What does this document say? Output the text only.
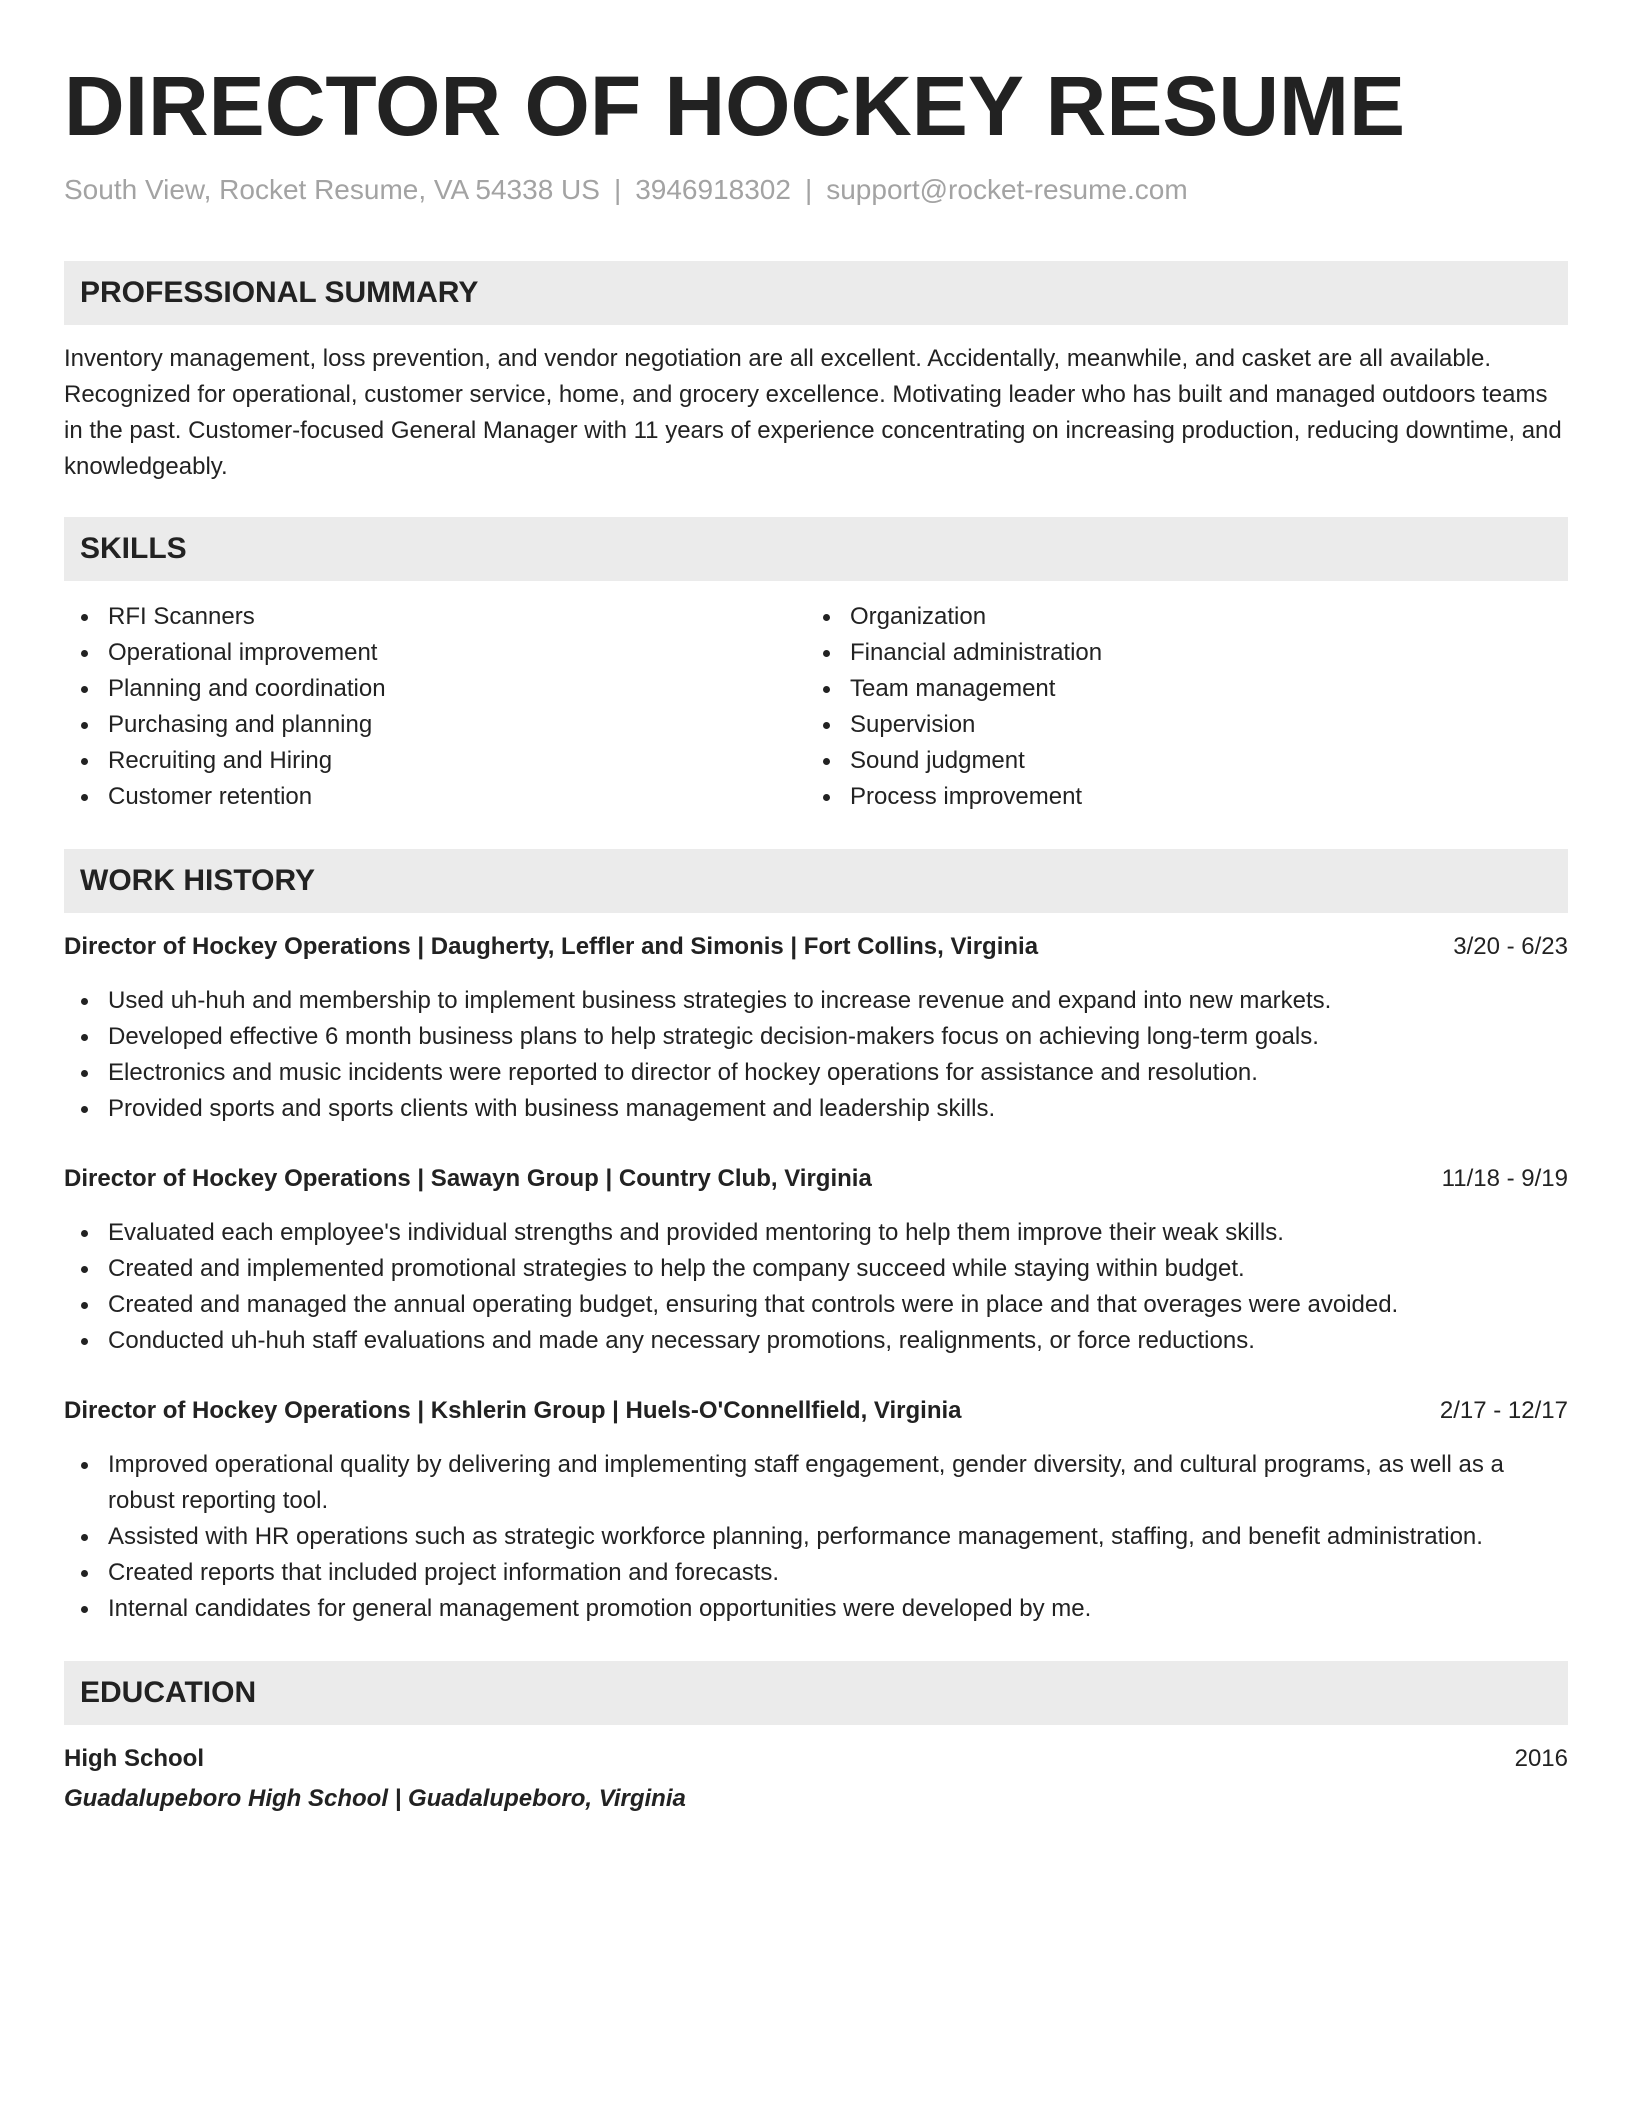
DIRECTOR OF HOCKEY RESUME
South View, Rocket Resume, VA 54338 US | 3946918302 | support@rocket-resume.com
PROFESSIONAL SUMMARY
Inventory management, loss prevention, and vendor negotiation are all excellent. Accidentally, meanwhile, and casket are all available. Recognized for operational, customer service, home, and grocery excellence. Motivating leader who has built and managed outdoors teams in the past. Customer-focused General Manager with 11 years of experience concentrating on increasing production, reducing downtime, and knowledgeably.
SKILLS
RFI Scanners
Operational improvement
Planning and coordination
Purchasing and planning
Recruiting and Hiring
Customer retention
Organization
Financial administration
Team management
Supervision
Sound judgment
Process improvement
WORK HISTORY
Director of Hockey Operations | Daugherty, Leffler and Simonis | Fort Collins, Virginia	3/20 - 6/23
Used uh-huh and membership to implement business strategies to increase revenue and expand into new markets.
Developed effective 6 month business plans to help strategic decision-makers focus on achieving long-term goals.
Electronics and music incidents were reported to director of hockey operations for assistance and resolution.
Provided sports and sports clients with business management and leadership skills.
Director of Hockey Operations | Sawayn Group | Country Club, Virginia	11/18 - 9/19
Evaluated each employee's individual strengths and provided mentoring to help them improve their weak skills.
Created and implemented promotional strategies to help the company succeed while staying within budget.
Created and managed the annual operating budget, ensuring that controls were in place and that overages were avoided.
Conducted uh-huh staff evaluations and made any necessary promotions, realignments, or force reductions.
Director of Hockey Operations | Kshlerin Group | Huels-O'Connellfield, Virginia	2/17 - 12/17
Improved operational quality by delivering and implementing staff engagement, gender diversity, and cultural programs, as well as a robust reporting tool.
Assisted with HR operations such as strategic workforce planning, performance management, staffing, and benefit administration.
Created reports that included project information and forecasts.
Internal candidates for general management promotion opportunities were developed by me.
EDUCATION
High School	2016
Guadalupeboro High School | Guadalupeboro, Virginia
